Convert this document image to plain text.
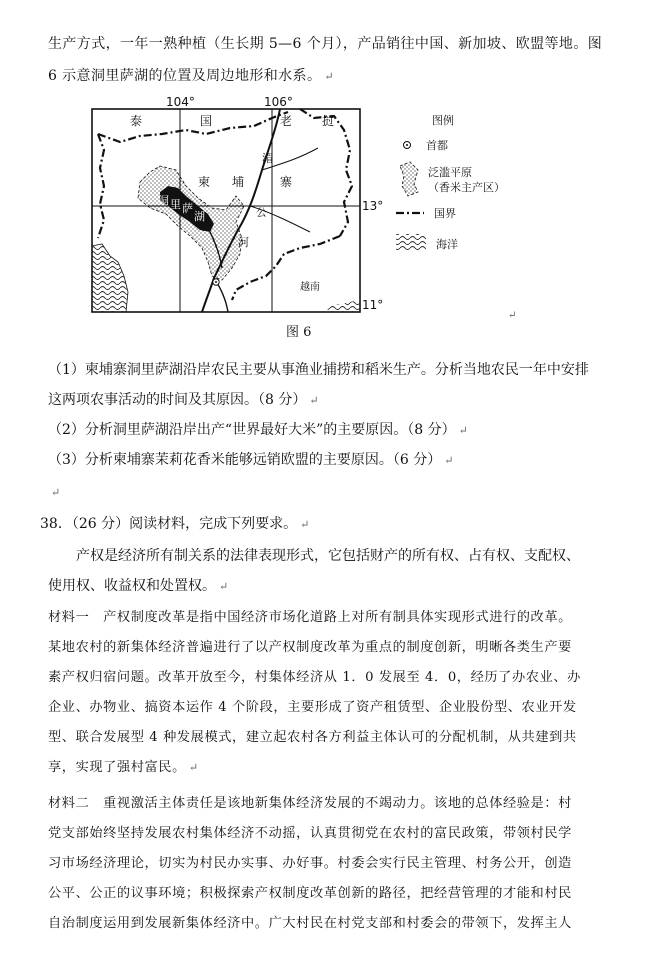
生产方式，一年一熟种植（生长期 5—6 个月），产品销往中国、新加坡、欧盟等地。图
6 示意洞里萨湖的位置及周边地形和水系。 ↵
104°	106°
13°
11°
泰	国	老 挝
柬 埔	寨
越南
湄
公
河
洞 里 萨
湖
图例
首都
泛滥平原
（香米主产区）
国界
海洋
图 6
↵
（1）柬埔寨洞里萨湖沿岸农民主要从事渔业捕捞和稻米生产。分析当地农民一年中安排
这两项农事活动的时间及其原因。（8 分） ↵
（2）分析洞里萨湖沿岸出产“世界最好大米”的主要原因。（8 分） ↵
（3）分析柬埔寨茉莉花香米能够远销欧盟的主要原因。（6 分） ↵
↵
38．（26 分）阅读材料，完成下列要求。 ↵
产权是经济所有制关系的法律表现形式，它包括财产的所有权、占有权、支配权、
使用权、收益权和处置权。 ↵
材料一　产权制度改革是指中国经济市场化道路上对所有制具体实现形式进行的改革。
某地农村的新集体经济普遍进行了以产权制度改革为重点的制度创新，明晰各类生产要
素产权归宿问题。改革开放至今，村集体经济从 1．0 发展至 4．0，经历了办农业、办
企业、办物业、搞资本运作 4 个阶段，主要形成了资产租赁型、企业股份型、农业开发
型、联合发展型 4 种发展模式，建立起农村各方利益主体认可的分配机制，从共建到共
享，实现了强村富民。 ↵
材料二　重视激活主体责任是该地新集体经济发展的不竭动力。该地的总体经验是：村
党支部始终坚持发展农村集体经济不动摇，认真贯彻党在农村的富民政策，带领村民学
习市场经济理论，切实为村民办实事、办好事。村委会实行民主管理、村务公开，创造
公平、公正的议事环境；积极探索产权制度改革创新的路径，把经营管理的才能和村民
自治制度运用到发展新集体经济中。广大村民在村党支部和村委会的带领下，发挥主人
